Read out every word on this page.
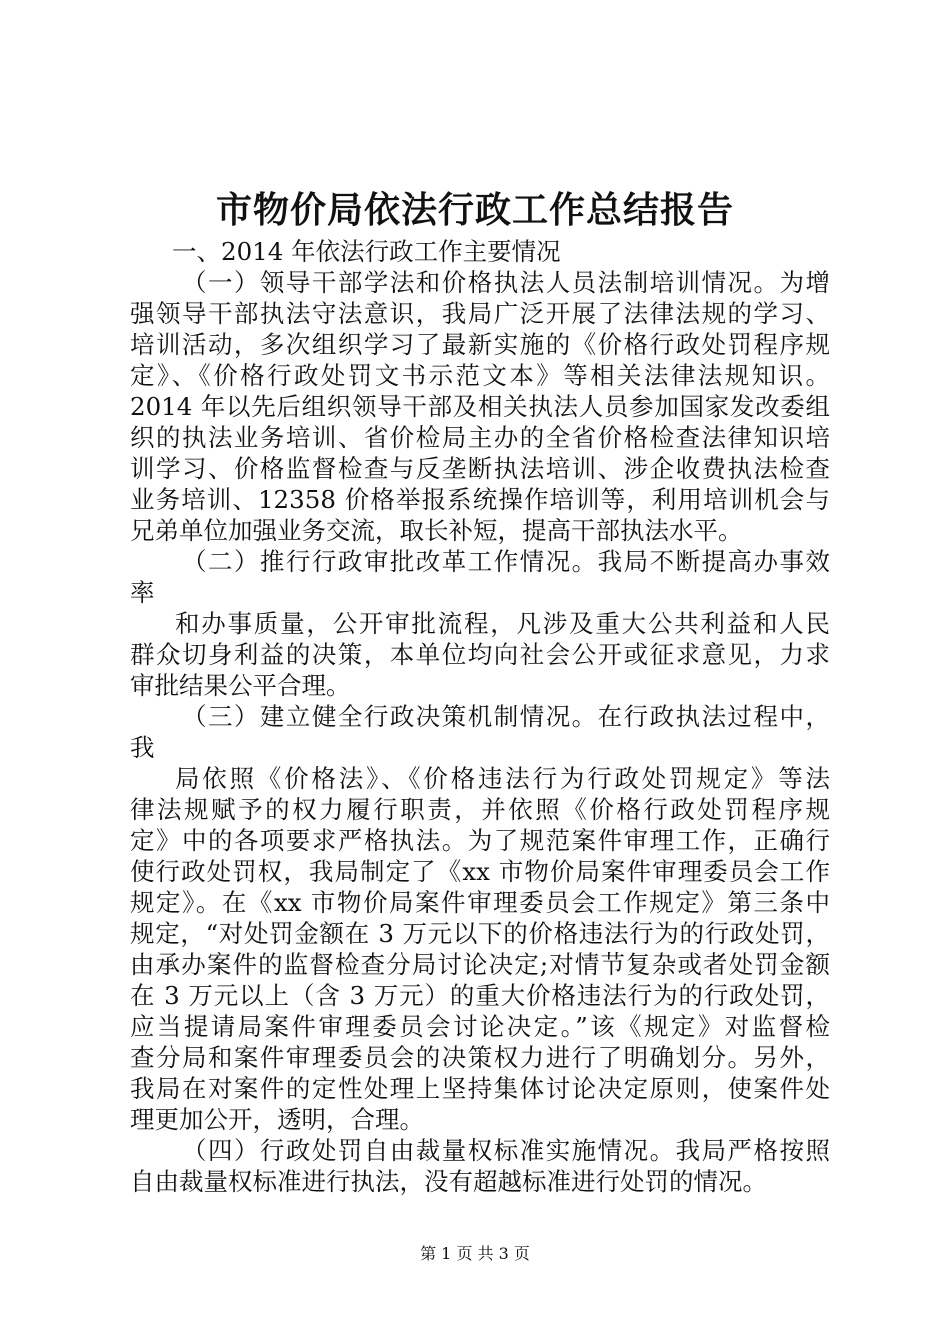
市物价局依法行政工作总结报告
一、2014 年依法行政工作主要情况
（一）领导干部学法和价格执法人员法制培训情况。为增
强领导干部执法守法意识，我局广泛开展了法律法规的学习、
培训活动，多次组织学习了最新实施的《价格行政处罚程序规
定》、《价格行政处罚文书示范文本》等相关法律法规知识。
2014 年以先后组织领导干部及相关执法人员参加国家发改委组
织的执法业务培训、省价检局主办的全省价格检查法律知识培
训学习、价格监督检查与反垄断执法培训、涉企收费执法检查
业务培训、12358 价格举报系统操作培训等，利用培训机会与
兄弟单位加强业务交流，取长补短，提高干部执法水平。
（二）推行行政审批改革工作情况。我局不断提高办事效
率
和办事质量，公开审批流程，凡涉及重大公共利益和人民
群众切身利益的决策，本单位均向社会公开或征求意见，力求
审批结果公平合理。
（三）建立健全行政决策机制情况。在行政执法过程中，
我
局依照《价格法》、《价格违法行为行政处罚规定》等法
律法规赋予的权力履行职责，并依照《价格行政处罚程序规
定》中的各项要求严格执法。为了规范案件审理工作，正确行
使行政处罚权，我局制定了《xx 市物价局案件审理委员会工作
规定》。在《xx 市物价局案件审理委员会工作规定》第三条中
规定，“对处罚金额在 3 万元以下的价格违法行为的行政处罚，
由承办案件的监督检查分局讨论决定;对情节复杂或者处罚金额
在 3 万元以上（含 3 万元）的重大价格违法行为的行政处罚，
应当提请局案件审理委员会讨论决定。”该《规定》对监督检
查分局和案件审理委员会的决策权力进行了明确划分。另外，
我局在对案件的定性处理上坚持集体讨论决定原则，使案件处
理更加公开，透明，合理。
（四）行政处罚自由裁量权标准实施情况。我局严格按照
自由裁量权标准进行执法，没有超越标准进行处罚的情况。
第 1 页 共 3 页
